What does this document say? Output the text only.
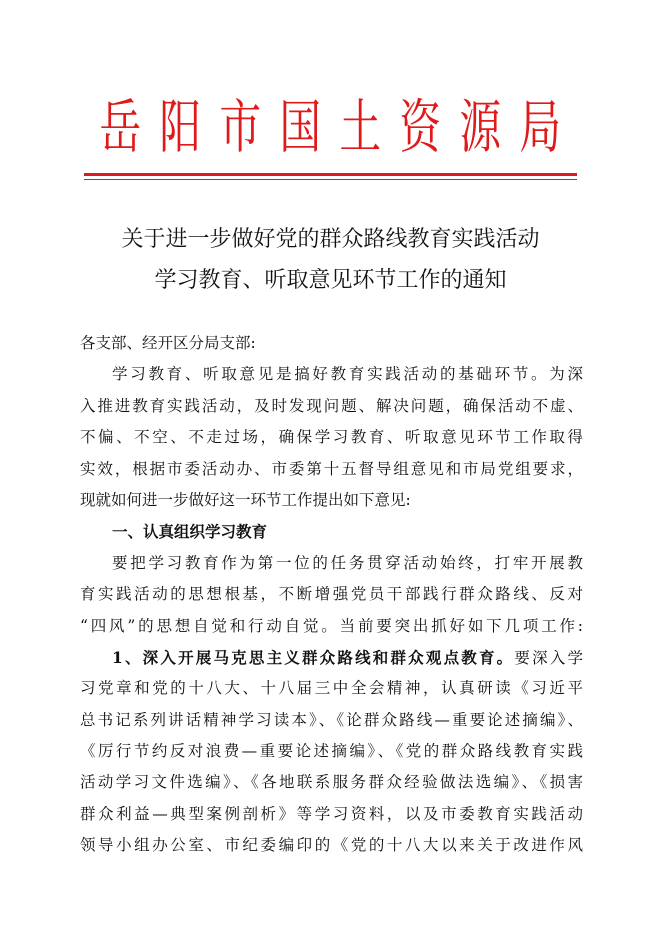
岳 阳 市 国 土 资 源 局
关于进一步做好党的群众路线教育实践活动
学习教育、听取意见环节工作的通知
各支部、经开区分局支部:
学习教育、听取意见是搞好教育实践活动的基础环节。为深
入推进教育实践活动，及时发现问题、解决问题，确保活动不虚、
不偏、不空、不走过场，确保学习教育、听取意见环节工作取得
实效，根据市委活动办、市委第十五督导组意见和市局党组要求，
现就如何进一步做好这一环节工作提出如下意见:
一、认真组织学习教育
要把学习教育作为第一位的任务贯穿活动始终，打牢开展教
育实践活动的思想根基，不断增强党员干部践行群众路线、反对
“四风”的思想自觉和行动自觉。当前要突出抓好如下几项工作:
1、深入开展马克思主义群众路线和群众观点教育。要深入学
习党章和党的十八大、十八届三中全会精神，认真研读《习近平
总书记系列讲话精神学习读本》、《论群众路线—重要论述摘编》、
《厉行节约反对浪费—重要论述摘编》、《党的群众路线教育实践
活动学习文件选编》、《各地联系服务群众经验做法选编》、《损害
群众利益—典型案例剖析》等学习资料，以及市委教育实践活动
领导小组办公室、市纪委编印的《党的十八大以来关于改进作风
